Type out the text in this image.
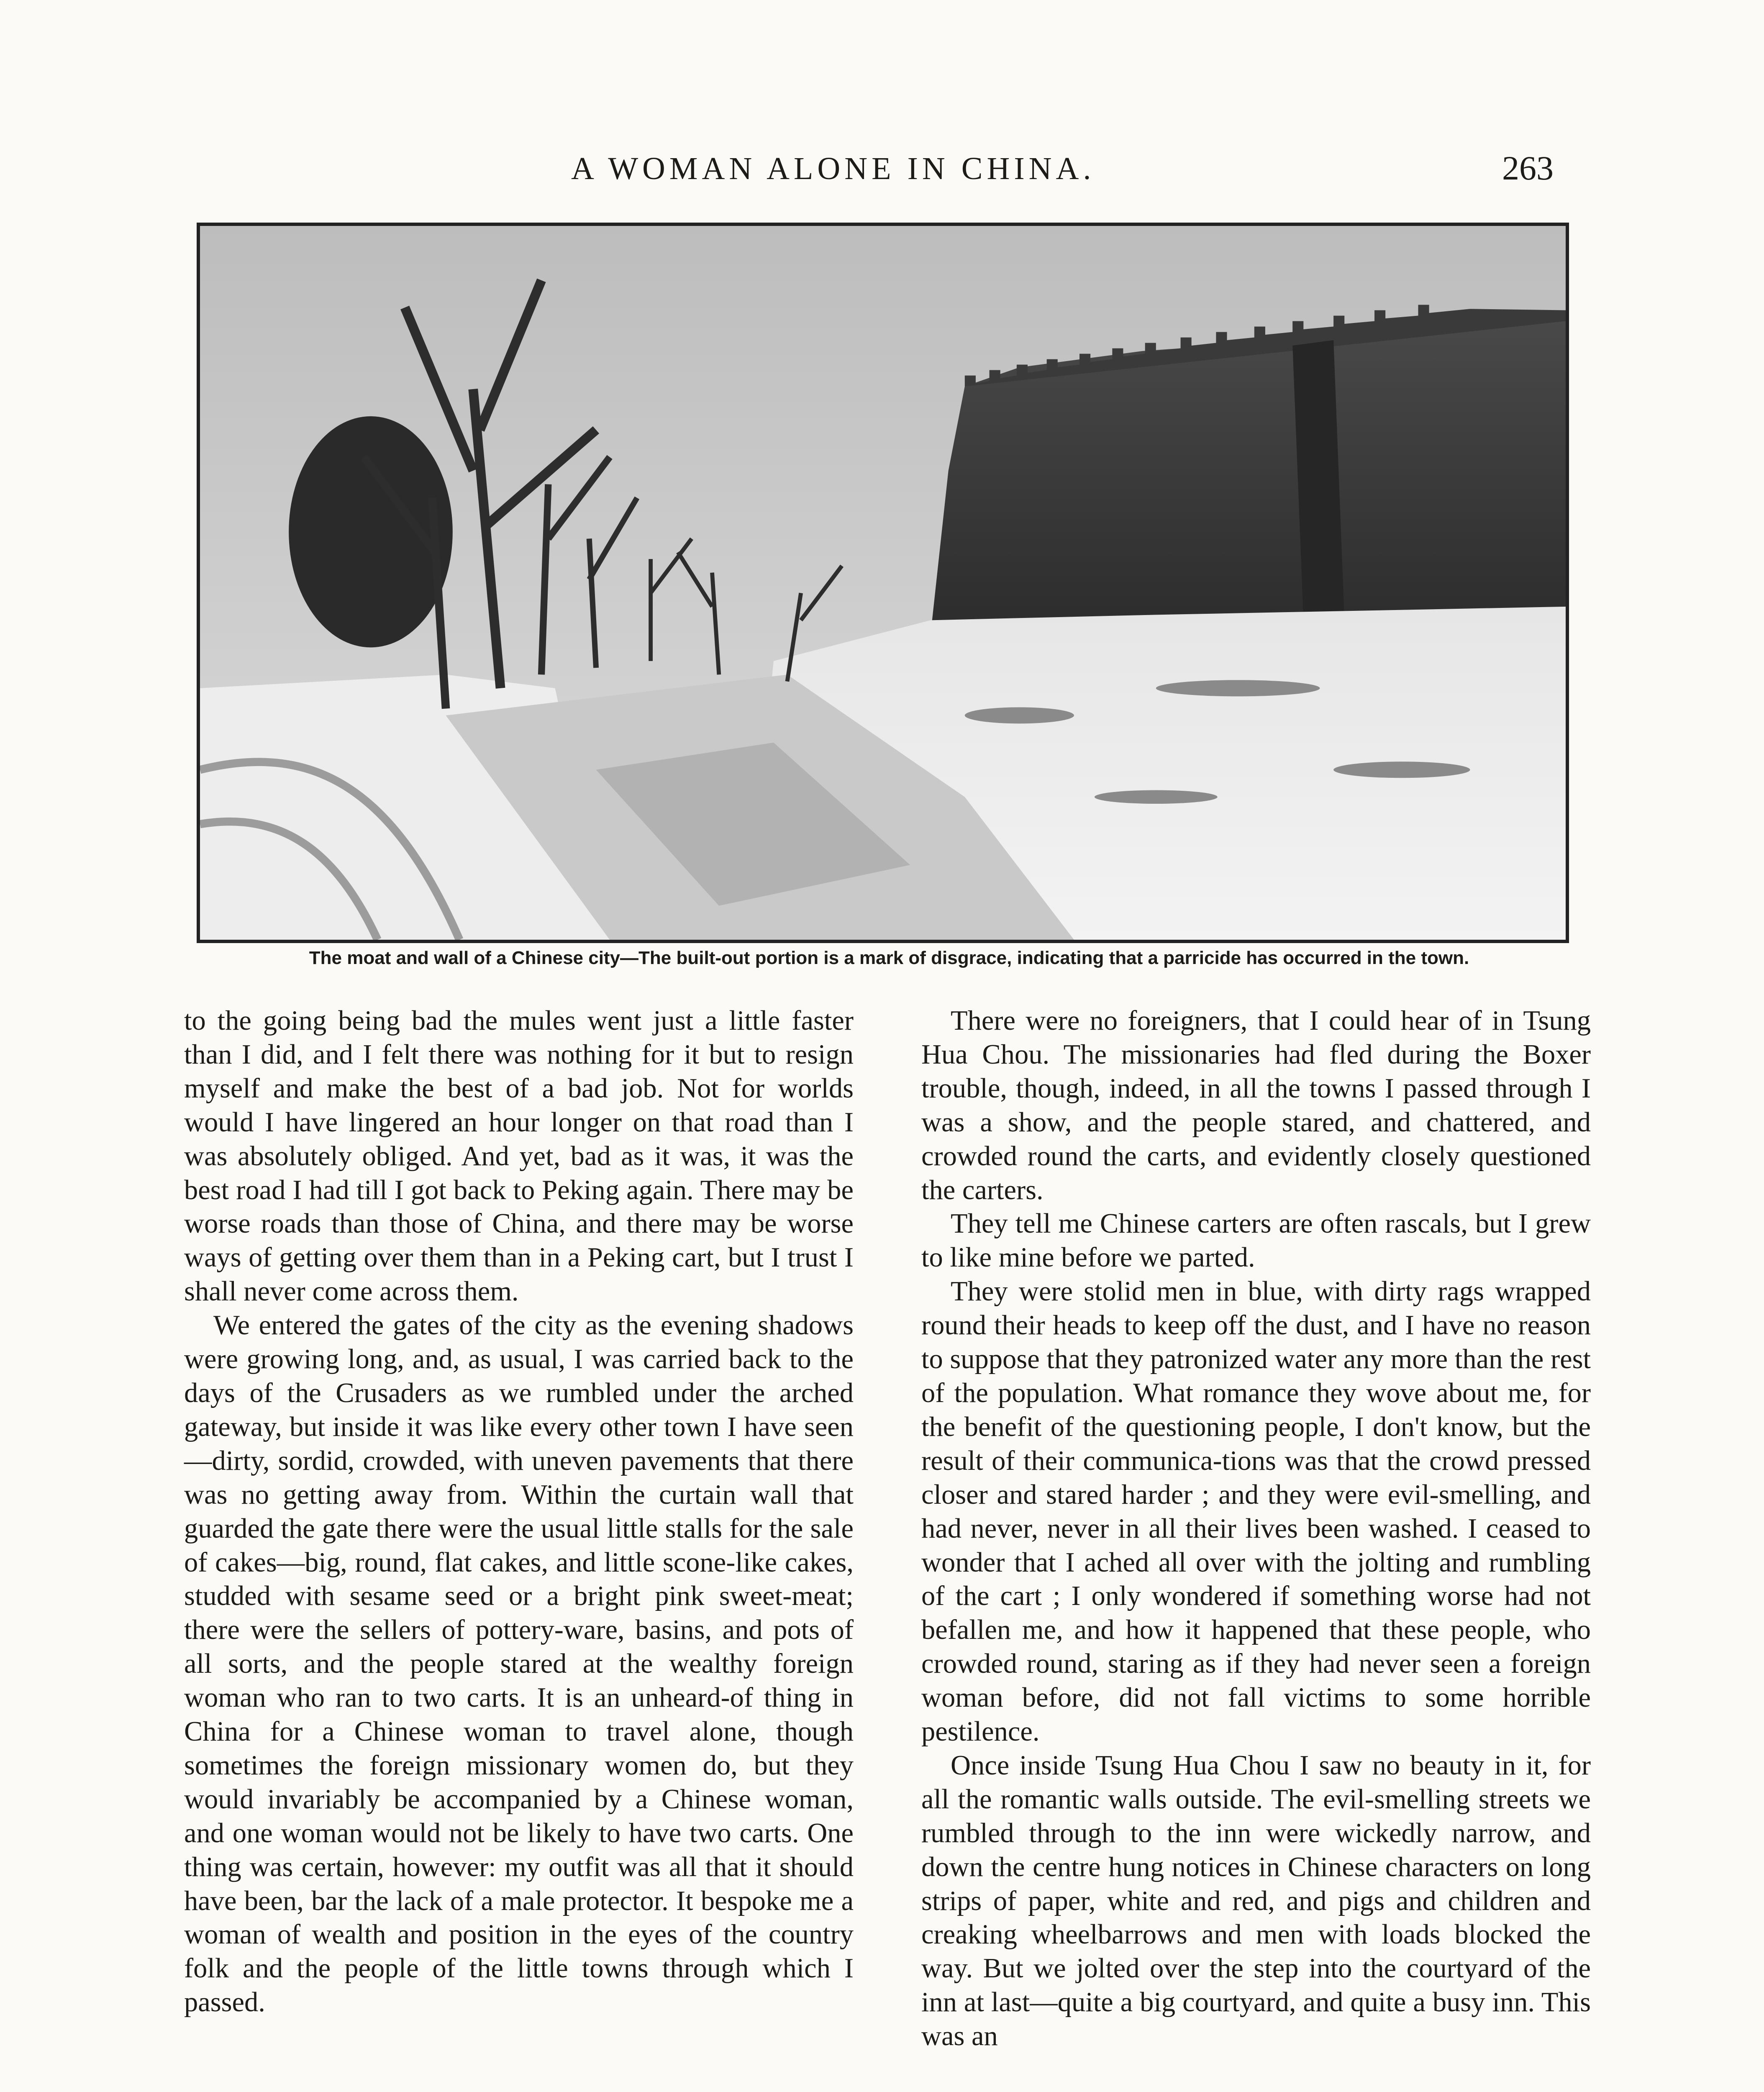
A WOMAN ALONE IN CHINA.	263
The moat and wall of a Chinese city—The built-out portion is a mark of disgrace, indicating that a parricide has occurred in the town.

to the going being bad the mules went just a little faster than I did, and I felt there was nothing for it but to resign myself and make the best of a bad job. Not for worlds would I have lingered an hour longer on that road than I was absolutely obliged. And yet, bad as it was, it was the best road I had till I got back to Peking again. There may be worse roads than those of China, and there may be worse ways of getting over them than in a Peking cart, but I trust I shall never come across them.

We entered the gates of the city as the evening shadows were growing long, and, as usual, I was carried back to the days of the Crusaders as we rumbled under the arched gateway, but inside it was like every other town I have seen—dirty, sordid, crowded, with uneven pavements that there was no getting away from. Within the curtain wall that guarded the gate there were the usual little stalls for the sale of cakes—big, round, flat cakes, and little scone-like cakes, studded with sesame seed or a bright pink sweet-meat; there were the sellers of pottery-ware, basins, and pots of all sorts, and the people stared at the wealthy foreign woman who ran to two carts. It is an unheard-of thing in China for a Chinese woman to travel alone, though sometimes the foreign missionary women do, but they would invariably be accompanied by a Chinese woman, and one woman would not be likely to have two carts. One thing was certain, however: my outfit was all that it should have been, bar the lack of a male protector. It bespoke me a woman of wealth and position in the eyes of the country folk and the people of the little towns through which I passed.

There were no foreigners, that I could hear of in Tsung Hua Chou. The missionaries had fled during the Boxer trouble, though, indeed, in all the towns I passed through I was a show, and the people stared, and chattered, and crowded round the carts, and evidently closely questioned the carters.

They tell me Chinese carters are often rascals, but I grew to like mine before we parted.

They were stolid men in blue, with dirty rags wrapped round their heads to keep off the dust, and I have no reason to suppose that they patronized water any more than the rest of the population. What romance they wove about me, for the benefit of the questioning people, I don't know, but the result of their communica-tions was that the crowd pressed closer and stared harder ; and they were evil-smelling, and had never, never in all their lives been washed. I ceased to wonder that I ached all over with the jolting and rumbling of the cart ; I only wondered if something worse had not befallen me, and how it happened that these people, who crowded round, staring as if they had never seen a foreign woman before, did not fall victims to some horrible pestilence.

Once inside Tsung Hua Chou I saw no beauty in it, for all the romantic walls outside. The evil-smelling streets we rumbled through to the inn were wickedly narrow, and down the centre hung notices in Chinese characters on long strips of paper, white and red, and pigs and children and creaking wheelbarrows and men with loads blocked the way. But we jolted over the step into the courtyard of the inn at last—quite a big courtyard, and quite a busy inn. This was an
